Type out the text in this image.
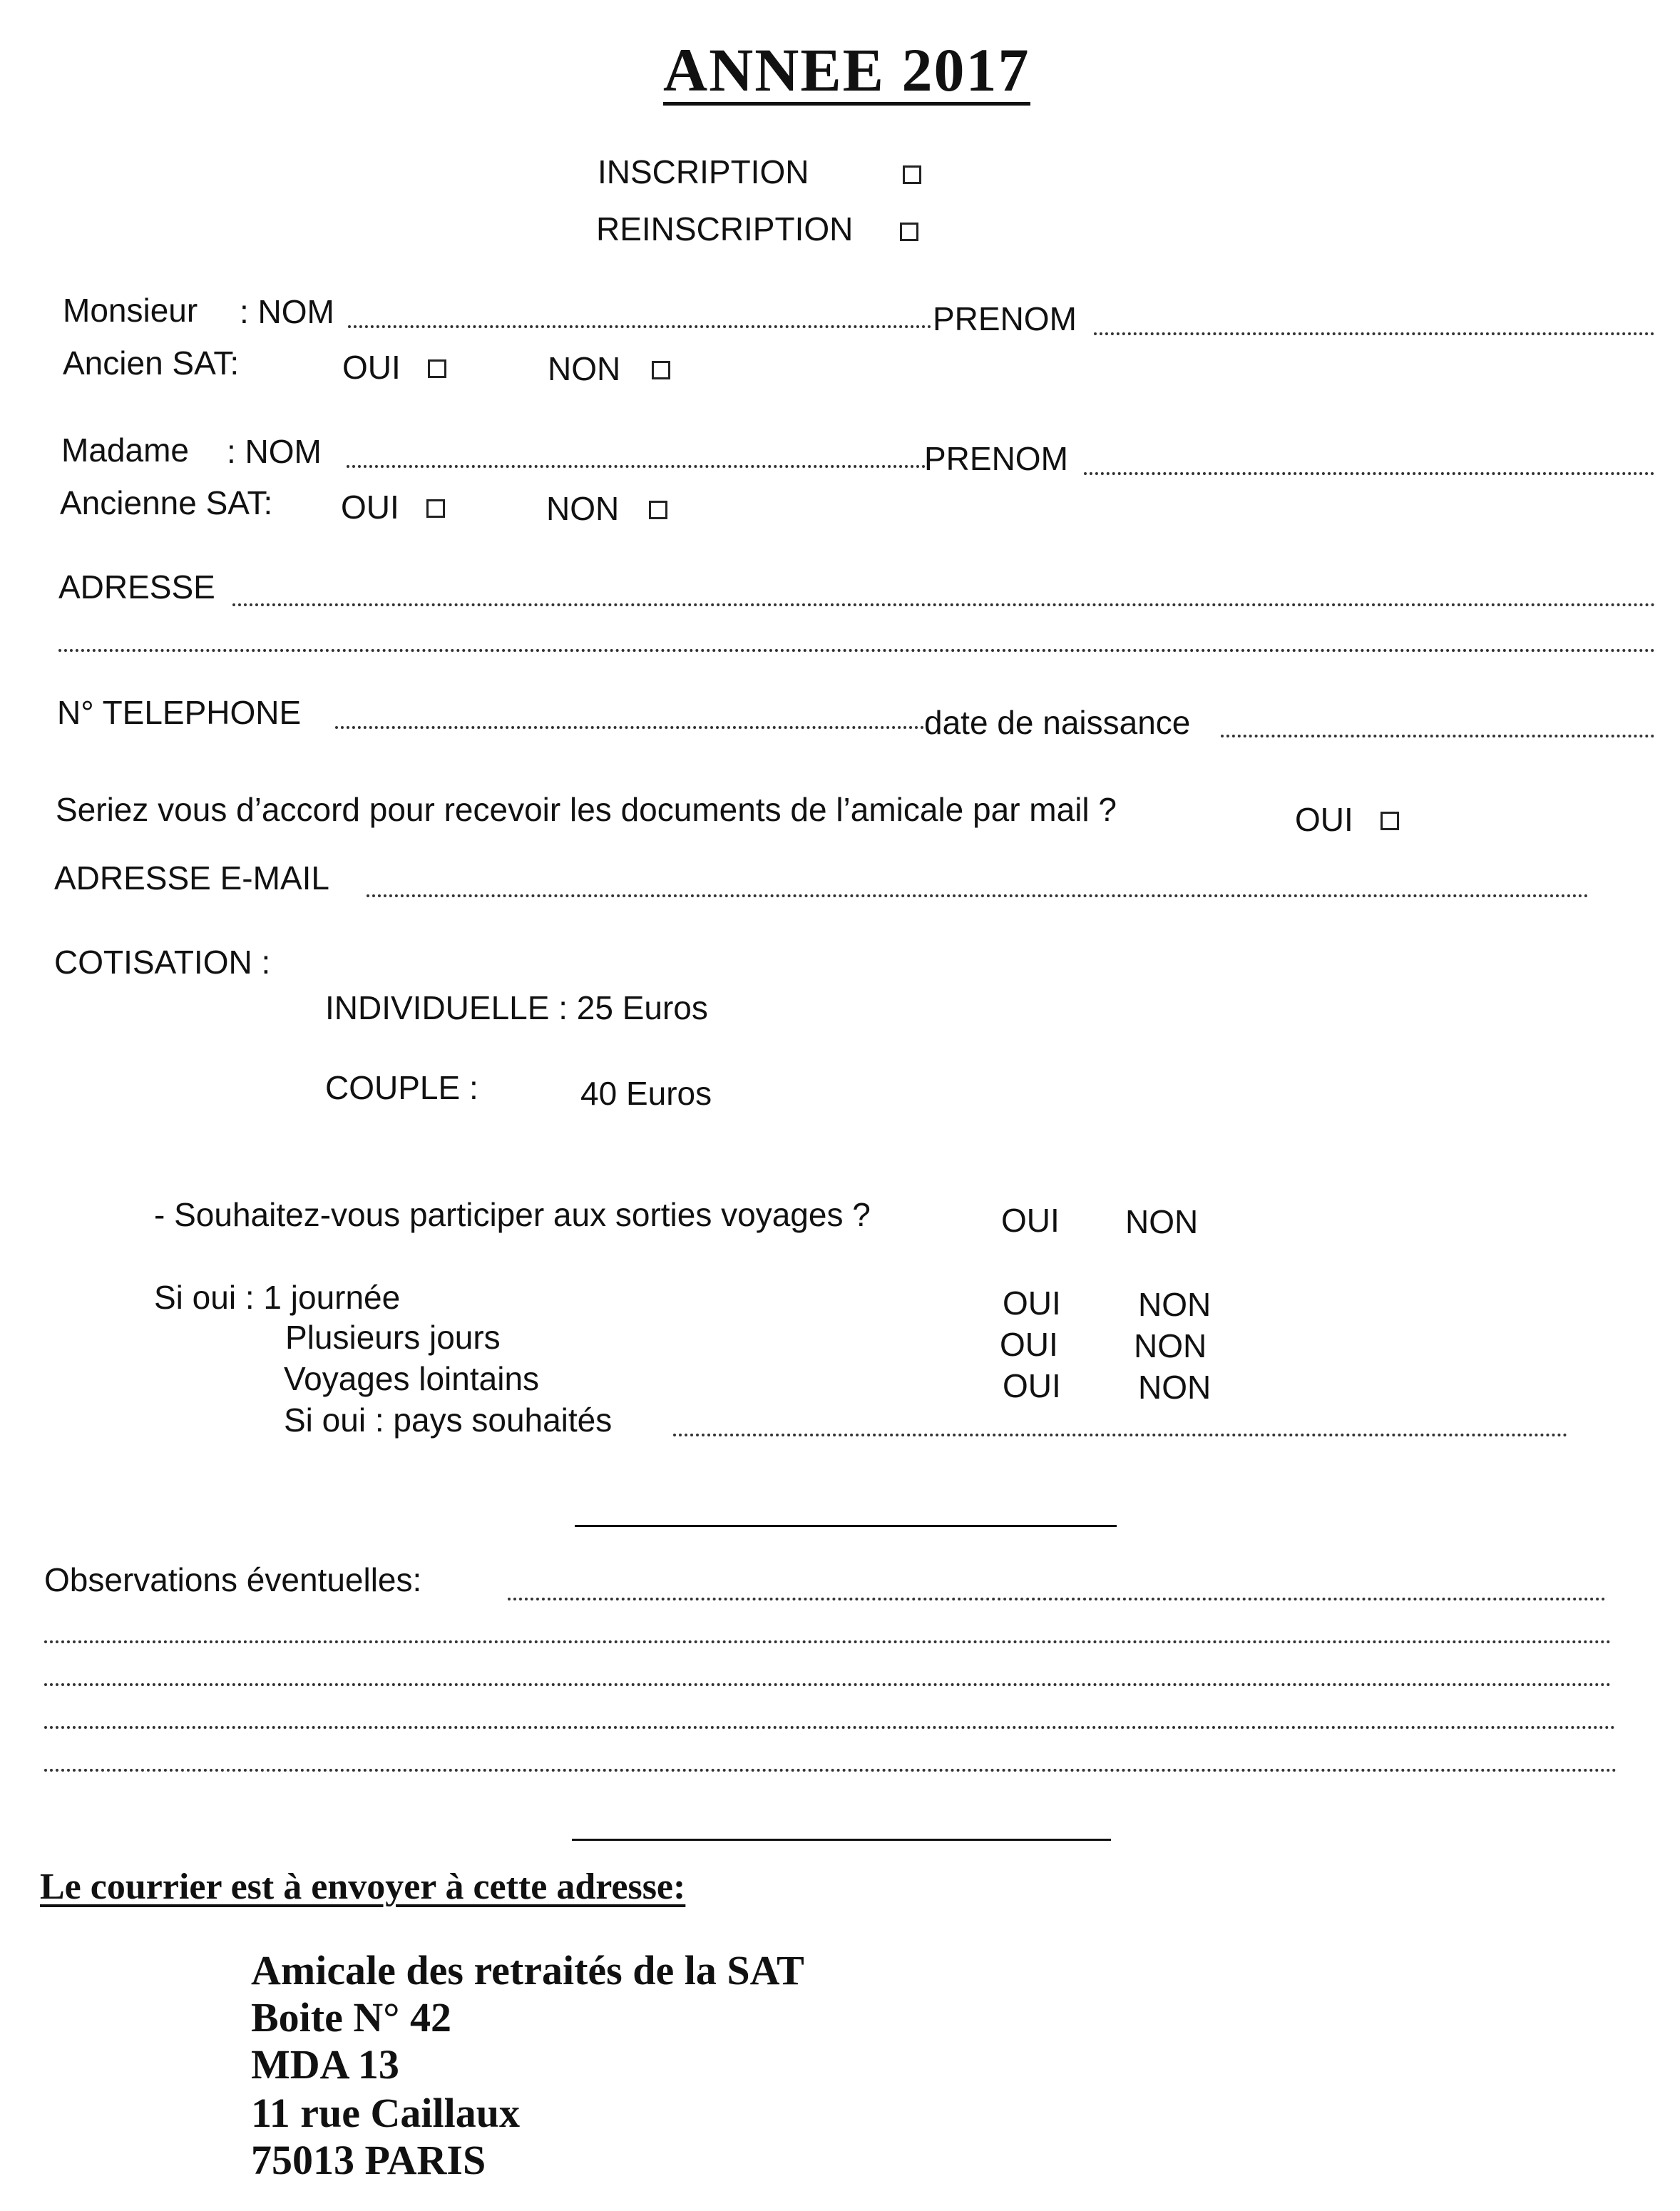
ANNEE 2017
INSCRIPTION
REINSCRIPTION
Monsieur : NOM	PRENOM
Ancien SAT:	OUI	NON
Madame : NOM	PRENOM
Ancienne SAT: OUI	NON
ADRESSE
N° TELEPHONE	date de naissance
Seriez vous d’accord pour recevoir les documents de l’amicale par mail ?	OUI
ADRESSE E-MAIL
COTISATION :
INDIVIDUELLE : 25 Euros
COUPLE :	40 Euros
- Souhaitez-vous participer aux sorties voyages ?	OUI NON
Si oui : 1 journée	OUI NON
Plusieurs jours	OUI NON
Voyages lointains	OUI NON
Si oui : pays souhaités
Observations éventuelles:
Le courrier est à envoyer à cette adresse:
Amicale des retraités de la SAT
Boite N° 42
MDA 13
11 rue Caillaux
75013 PARIS
